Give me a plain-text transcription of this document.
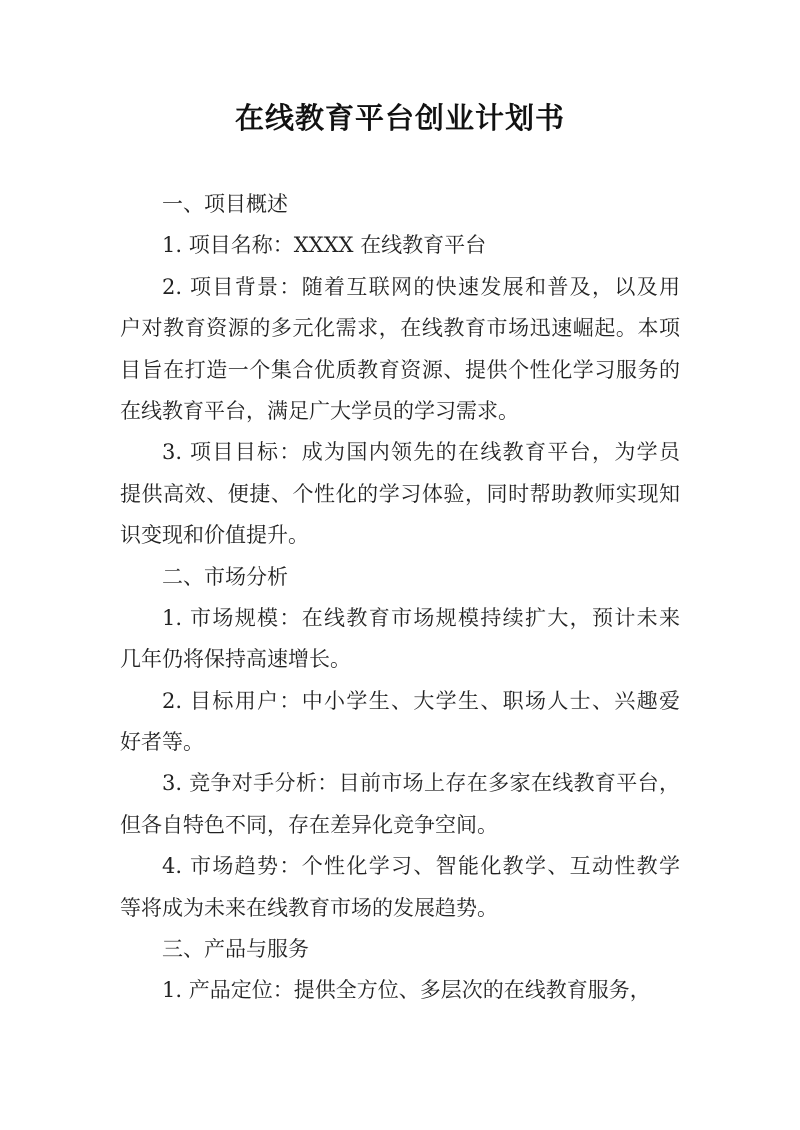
在线教育平台创业计划书
一、项目概述
1. 项目名称：XXXX 在线教育平台
2. 项目背景：随着互联网的快速发展和普及，以及用
户对教育资源的多元化需求，在线教育市场迅速崛起。本项
目旨在打造一个集合优质教育资源、提供个性化学习服务的
在线教育平台，满足广大学员的学习需求。
3. 项目目标：成为国内领先的在线教育平台，为学员
提供高效、便捷、个性化的学习体验，同时帮助教师实现知
识变现和价值提升。
二、市场分析
1. 市场规模：在线教育市场规模持续扩大，预计未来
几年仍将保持高速增长。
2. 目标用户：中小学生、大学生、职场人士、兴趣爱
好者等。
3. 竞争对手分析：目前市场上存在多家在线教育平台，
但各自特色不同，存在差异化竞争空间。
4. 市场趋势：个性化学习、智能化教学、互动性教学
等将成为未来在线教育市场的发展趋势。
三、产品与服务
1. 产品定位：提供全方位、多层次的在线教育服务，
